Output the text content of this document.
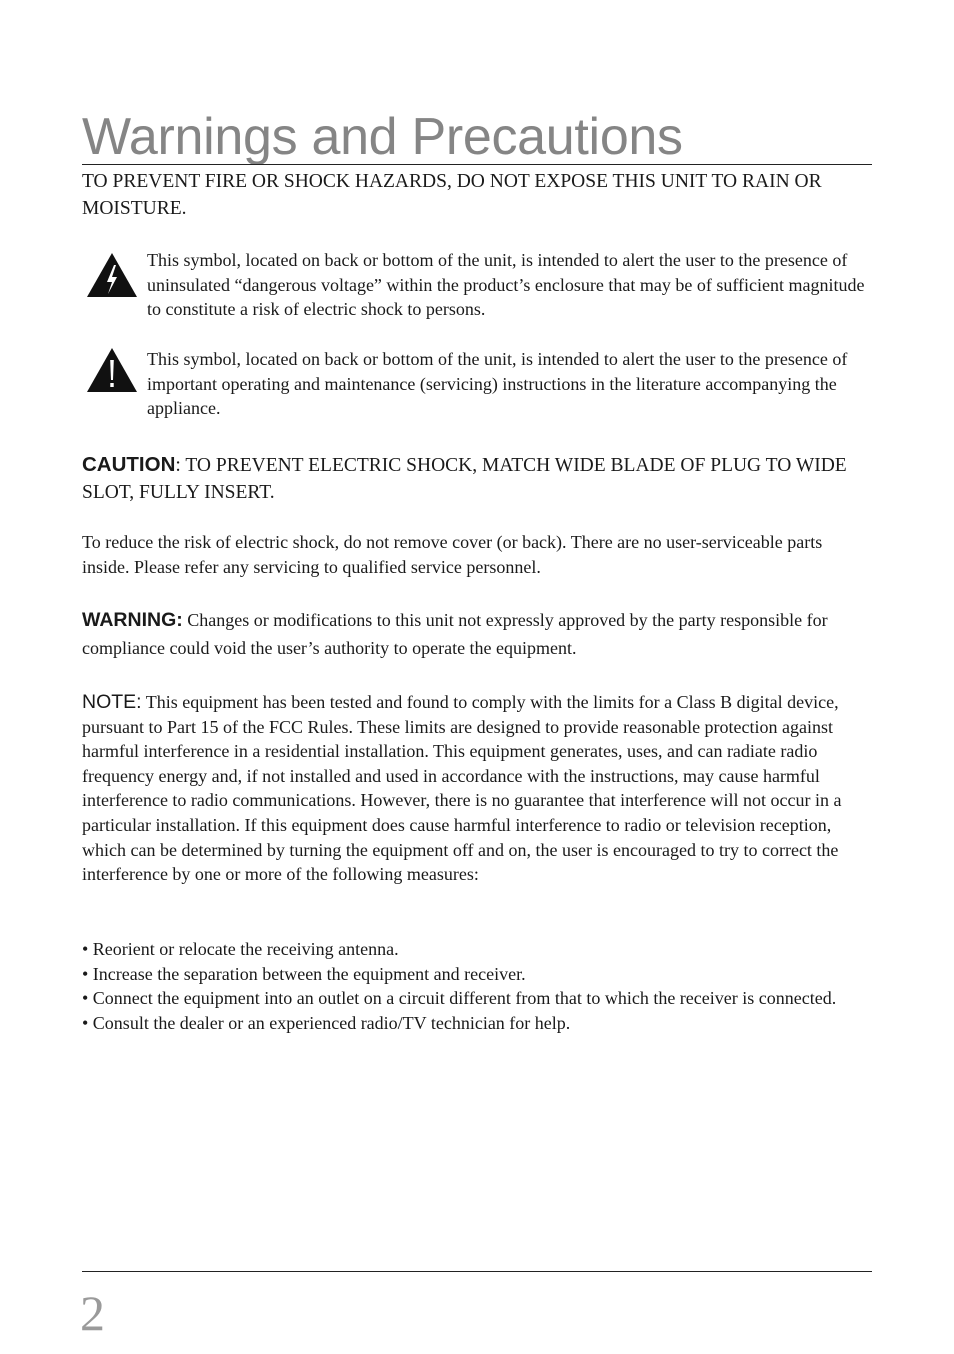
Warnings and Precautions

TO PREVENT FIRE OR SHOCK HAZARDS, DO NOT EXPOSE THIS UNIT TO RAIN OR MOISTURE.

This symbol, located on back or bottom of the unit, is intended to alert the user to the presence of uninsulated “dangerous voltage” within the product’s enclosure that may be of sufficient magnitude to constitute a risk of electric shock to persons.
This symbol, located on back or bottom of the unit, is intended to alert the user to the presence of important operating and maintenance (servicing) instructions in the literature accompanying the appliance.

CAUTION: TO PREVENT ELECTRIC SHOCK, MATCH WIDE BLADE OF PLUG TO WIDE SLOT, FULLY INSERT.

To reduce the risk of electric shock, do not remove cover (or back). There are no user-serviceable parts inside. Please refer any servicing to qualified service personnel.

WARNING: Changes or modifications to this unit not expressly approved by the party responsible for compliance could void the user’s authority to operate the equipment.

NOTE: This equipment has been tested and found to comply with the limits for a Class B digital device, pursuant to Part 15 of the FCC Rules. These limits are designed to provide reasonable protection against harmful interference in a residential installation. This equipment generates, uses, and can radiate radio frequency energy and, if not installed and used in accordance with the instructions, may cause harmful interference to radio communications. However, there is no guarantee that interference will not occur in a particular installation. If this equipment does cause harmful interference to radio or television reception, which can be determined by turning the equipment off and on, the user is encouraged to try to correct the interference by one or more of the following measures:

• Reorient or relocate the receiving antenna.
• Increase the separation between the equipment and receiver.
• Connect the equipment into an outlet on a circuit different from that to which the receiver is connected.
• Consult the dealer or an experienced radio/TV technician for help.
2
